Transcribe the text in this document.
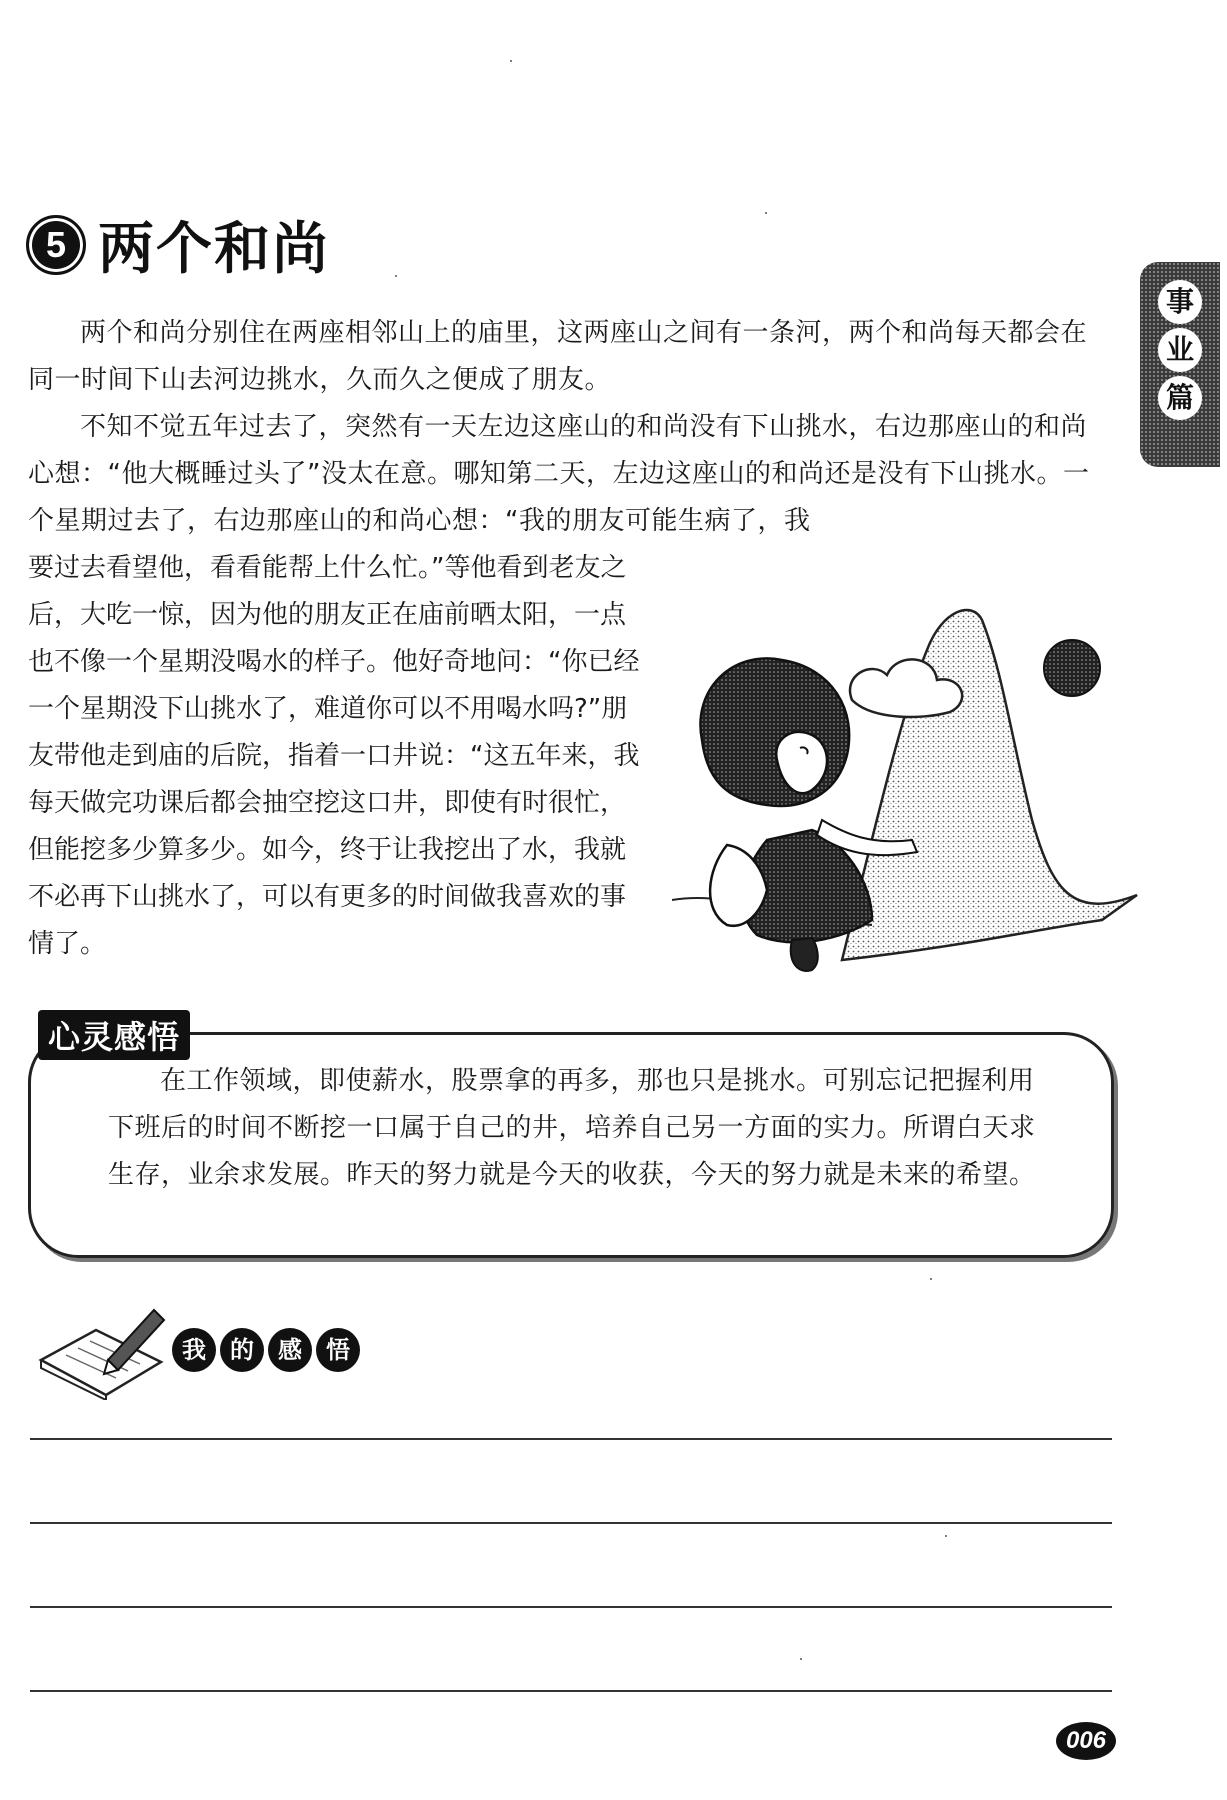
5 两个和尚
事
业
篇

两个和尚分别住在两座相邻山上的庙里，这两座山之间有一条河，两个和尚每天都会在同一时间下山去河边挑水，久而久之便成了朋友。

不知不觉五年过去了，突然有一天左边这座山的和尚没有下山挑水，右边那座山的和尚心想：“他大概睡过头了”没太在意。哪知第二天，左边这座山的和尚还是没有下山挑水。一个星期过去了，右边那座山的和尚心想：“我的朋友可能生病了，我

要过去看望他，看看能帮上什么忙。”等他看到老友之后，大吃一惊，因为他的朋友正在庙前晒太阳，一点也不像一个星期没喝水的样子。他好奇地问：“你已经一个星期没下山挑水了，难道你可以不用喝水吗?”朋友带他走到庙的后院，指着一口井说：“这五年来，我每天做完功课后都会抽空挖这口井，即使有时很忙，但能挖多少算多少。如今，终于让我挖出了水，我就不必再下山挑水了，可以有更多的时间做我喜欢的事情了。
心灵感悟

在工作领域，即使薪水，股票拿的再多，那也只是挑水。可别忘记把握利用下班后的时间不断挖一口属于自己的井，培养自己另一方面的实力。所谓白天求生存，业余求发展。昨天的努力就是今天的收获，今天的努力就是未来的希望。

我	的	感	悟
006
